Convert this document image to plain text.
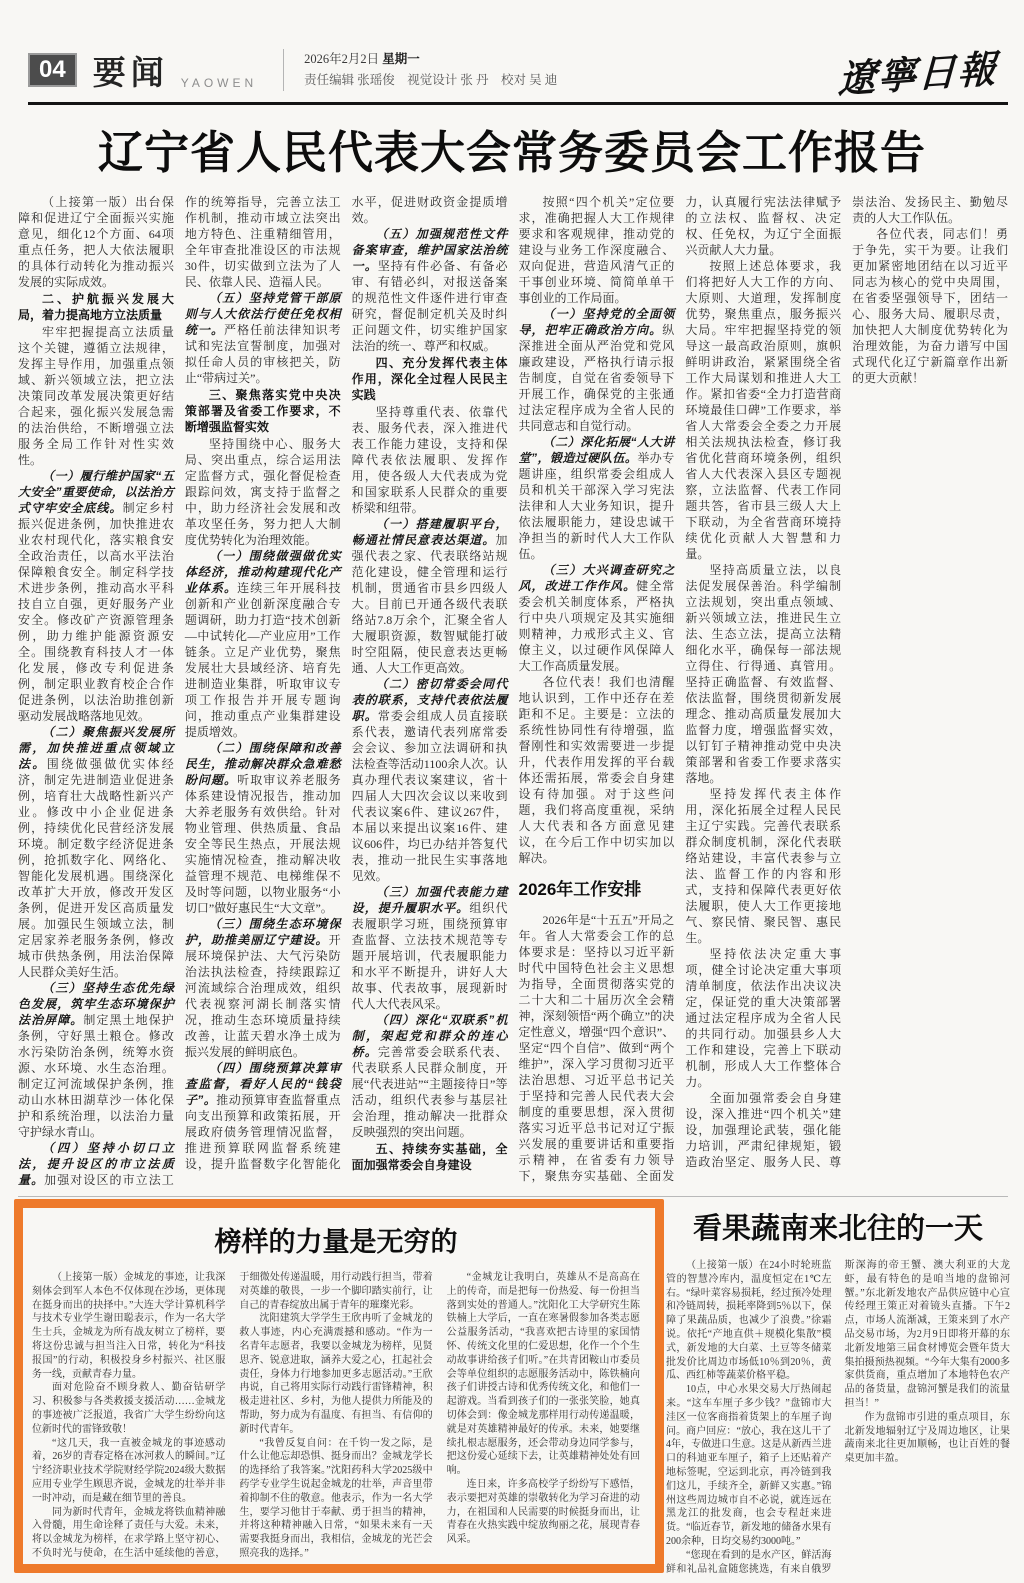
04 要闻 YAOWEN
2026年2月2日 星期一
责任编辑 张瑶俊　视觉设计 张 丹　校对 吴 迪	遼寧日報
辽宁省人民代表大会常务委员会工作报告

（上接第一版）出台保障和促进辽宁全面振兴实施意见，细化12个方面、64项重点任务，把人大依法履职的具体行动转化为推动振兴发展的实际成效。

二、护航振兴发展大局，着力提高地方立法质量

牢牢把握提高立法质量这个关键，遵循立法规律，发挥主导作用，加强重点领域、新兴领域立法，把立法决策同改革发展决策更好结合起来，强化振兴发展急需的法治供给，不断增强立法服务全局工作针对性实效性。

（一）履行维护国家“五大安全”重要使命，以法治方式守牢安全底线。制定乡村振兴促进条例，加快推进农业农村现代化，落实粮食安全政治责任，以高水平法治保障粮食安全。制定科学技术进步条例，推动高水平科技自立自强，更好服务产业安全。修改矿产资源管理条例，助力维护能源资源安全。围绕教育科技人才一体化发展，修改专利促进条例，制定职业教育校企合作促进条例，以法治助推创新驱动发展战略落地见效。

（二）聚焦振兴发展所需，加快推进重点领域立法。围绕做强做优实体经济，制定先进制造业促进条例，培育壮大战略性新兴产业。修改中小企业促进条例，持续优化民营经济发展环境。制定数字经济促进条例，抢抓数字化、网络化、智能化发展机遇。围绕深化改革扩大开放，修改开发区条例，促进开发区高质量发展。加强民生领域立法，制定居家养老服务条例，修改城市供热条例，用法治保障人民群众美好生活。

（三）坚持生态优先绿色发展，筑牢生态环境保护法治屏障。制定黑土地保护条例，守好黑土粮仓。修改水污染防治条例，统筹水资源、水环境、水生态治理。制定辽河流域保护条例，推动山水林田湖草沙一体化保护和系统治理，以法治力量守护绿水青山。

（四）坚持小切口立法，提升设区的市立法质量。加强对设区的市立法工作的统筹指导，完善立法工作机制，推动市域立法突出地方特色、注重精细管用，全年审查批准设区的市法规30件，切实做到立法为了人民、依靠人民、造福人民。

（五）坚持党管干部原则与人大依法行使任免权相统一。严格任前法律知识考试和宪法宣誓制度，加强对拟任命人员的审核把关，防止“带病过关”。

三、聚焦落实党中央决策部署及省委工作要求，不断增强监督实效

坚持围绕中心、服务大局、突出重点，综合运用法定监督方式，强化督促检查跟踪问效，寓支持于监督之中，助力经济社会发展和改革攻坚任务，努力把人大制度优势转化为治理效能。

（一）围绕做强做优实体经济，推动构建现代化产业体系。连续三年开展科技创新和产业创新深度融合专题调研，助力打造“技术创新—中试转化—产业应用”工作链条。立足产业优势，聚焦发展壮大县域经济、培育先进制造业集群，听取审议专项工作报告并开展专题询问，推动重点产业集群建设提质增效。

（二）围绕保障和改善民生，推动解决群众急难愁盼问题。听取审议养老服务体系建设情况报告，推动加大养老服务有效供给。针对物业管理、供热质量、食品安全等民生热点，开展法规实施情况检查，推动解决收益管理不规范、电梯维保不及时等问题，以物业服务“小切口”做好惠民生“大文章”。

（三）围绕生态环境保护，助推美丽辽宁建设。开展环境保护法、大气污染防治法执法检查，持续跟踪辽河流域综合治理成效，组织代表视察河湖长制落实情况，推动生态环境质量持续改善，让蓝天碧水净土成为振兴发展的鲜明底色。

（四）围绕预算决算审查监督，看好人民的“钱袋子”。推动预算审查监督重点向支出预算和政策拓展，开展政府债务管理情况监督，推进预算联网监督系统建设，提升监督数字化智能化水平，促进财政资金提质增效。

（五）加强规范性文件备案审查，维护国家法治统一。坚持有件必备、有备必审、有错必纠，对报送备案的规范性文件逐件进行审查研究，督促制定机关及时纠正问题文件，切实维护国家法治的统一、尊严和权威。

四、充分发挥代表主体作用，深化全过程人民民主实践

坚持尊重代表、依靠代表、服务代表，深入推进代表工作能力建设，支持和保障代表依法履职、发挥作用，使各级人大代表成为党和国家联系人民群众的重要桥梁和纽带。

（一）搭建履职平台，畅通社情民意表达渠道。加强代表之家、代表联络站规范化建设，健全管理和运行机制，贯通省市县乡四级人大。目前已开通各级代表联络站7.8万余个，汇聚全省人大履职资源，数智赋能打破时空阻隔，使民意表达更畅通、人大工作更高效。

（二）密切常委会同代表的联系，支持代表依法履职。常委会组成人员直接联系代表，邀请代表列席常委会会议、参加立法调研和执法检查等活动1100余人次。认真办理代表议案建议，省十四届人大四次会议以来收到代表议案6件、建议267件，本届以来提出议案16件、建议606件，均已办结并答复代表，推动一批民生实事落地见效。

（三）加强代表能力建设，提升履职水平。组织代表履职学习班，围绕预算审查监督、立法技术规范等专题开展培训，代表履职能力和水平不断提升，讲好人大故事、代表故事，展现新时代人大代表风采。

（四）深化“双联系”机制，架起党和群众的连心桥。完善常委会联系代表、代表联系人民群众制度，开展“代表进站”“主题接待日”等活动，组织代表参与基层社会治理，推动解决一批群众反映强烈的突出问题。

五、持续夯实基础，全面加强常委会自身建设

按照“四个机关”定位要求，准确把握人大工作规律要求和客观规律，推动党的建设与业务工作深度融合、双向促进，营造风清气正的干事创业环境、简简单单干事创业的工作局面。

（一）坚持党的全面领导，把牢正确政治方向。纵深推进全面从严治党和党风廉政建设，严格执行请示报告制度，自觉在省委领导下开展工作，确保党的主张通过法定程序成为全省人民的共同意志和自觉行动。

（二）深化拓展“人大讲堂”，锻造过硬队伍。举办专题讲座，组织常委会组成人员和机关干部深入学习宪法法律和人大业务知识，提升依法履职能力，建设忠诚干净担当的新时代人大工作队伍。

（三）大兴调查研究之风，改进工作作风。健全常委会机关制度体系，严格执行中央八项规定及其实施细则精神，力戒形式主义、官僚主义，以过硬作风保障人大工作高质量发展。

各位代表！我们也清醒地认识到，工作中还存在差距和不足。主要是：立法的系统性协同性有待增强，监督刚性和实效需要进一步提升，代表作用发挥的平台载体还需拓展，常委会自身建设有待加强。对于这些问题，我们将高度重视，采纳人大代表和各方面意见建议，在今后工作中切实加以解决。

2026年工作安排

2026年是“十五五”开局之年。省人大常委会工作的总体要求是：坚持以习近平新时代中国特色社会主义思想为指导，全面贯彻落实党的二十大和二十届历次全会精神，深刻领悟“两个确立”的决定性意义，增强“四个意识”、坚定“四个自信”、做到“两个维护”，深入学习贯彻习近平法治思想、习近平总书记关于坚持和完善人民代表大会制度的重要思想，深入贯彻落实习近平总书记对辽宁振兴发展的重要讲话和重要指示精神，在省委有力领导下，聚焦夯实基础、全面发力，认真履行宪法法律赋予的立法权、监督权、决定权、任免权，为辽宁全面振兴贡献人大力量。

按照上述总体要求，我们将把好人大工作的方向、大原则、大道理，发挥制度优势，聚焦重点，服务振兴大局。牢牢把握坚持党的领导这一最高政治原则，旗帜鲜明讲政治，紧紧围绕全省工作大局谋划和推进人大工作。紧扣省委“全力打造营商环境最佳口碑”工作要求，举省人大常委会全委之力开展相关法规执法检查，修订我省优化营商环境条例，组织省人大代表深入县区专题视察，立法监督、代表工作同题共答，省市县三级人大上下联动，为全省营商环境持续优化贡献人大智慧和力量。

坚持高质量立法，以良法促发展保善治。科学编制立法规划，突出重点领域、新兴领域立法，推进民生立法、生态立法，提高立法精细化水平，确保每一部法规立得住、行得通、真管用。坚持正确监督、有效监督、依法监督，围绕贯彻新发展理念、推动高质量发展加大监督力度，增强监督实效，以钉钉子精神推动党中央决策部署和省委工作要求落实落地。

坚持发挥代表主体作用，深化拓展全过程人民民主辽宁实践。完善代表联系群众制度机制，深化代表联络站建设，丰富代表参与立法、监督工作的内容和形式，支持和保障代表更好依法履职，使人大工作更接地气、察民情、聚民智、惠民生。

坚持依法决定重大事项，健全讨论决定重大事项清单制度，依法作出决议决定，保证党的重大决策部署通过法定程序成为全省人民的共同行动。加强县乡人大工作和建设，完善上下联动机制，形成人大工作整体合力。

全面加强常委会自身建设，深入推进“四个机关”建设，加强理论武装，强化能力培训，严肃纪律规矩，锻造政治坚定、服务人民、尊崇法治、发扬民主、勤勉尽责的人大工作队伍。

各位代表，同志们！勇于争先，实干为要。让我们更加紧密地团结在以习近平同志为核心的党中央周围，在省委坚强领导下，团结一心、服务大局、履职尽责，加快把人大制度优势转化为治理效能，为奋力谱写中国式现代化辽宁新篇章作出新的更大贡献！

榜样的力量是无穷的

（上接第一版）金城龙的事迹，让我深刻体会到军人本色不仅体现在沙场，更体现在挺身而出的抉择中。”大连大学计算机科学与技术专业学生谢田聪表示，作为一名大学生士兵，金城龙为所有战友树立了榜样，要将这份忠诚与担当注入日常，转化为“科技报国”的行动，积极投身乡村振兴、社区服务一线，贡献青春力量。

面对危险奋不顾身救人、勤奋钻研学习、积极参与各类救援支援活动……金城龙的事迹被广泛报道，我省广大学生纷纷向这位新时代的雷锋致敬！

“这几天，我一直被金城龙的事迹感动着，26岁的青春定格在冰河救人的瞬间。”辽宁经济职业技术学院财经学院2024级大数据应用专业学生顾思齐说，金城龙的壮举并非一时冲动，而是藏在细节里的善良。

同为新时代青年，金城龙将铁血精神融入骨髓，用生命诠释了责任与大爱。未来，将以金城龙为榜样，在求学路上坚守初心、不负时光与使命，在生活中延续他的善意，于细微处传递温暖，用行动践行担当，带着对英雄的敬畏，一步一个脚印踏实前行，让自己的青春绽放出属于青年的璀璨光彩。

沈阳建筑大学学生王欣冉听了金城龙的救人事迹，内心充满震撼和感动。“作为一名青年志愿者，我要以金城龙为榜样，见贤思齐、锐意进取，涵养大爱之心，扛起社会责任，身体力行地参加更多志愿活动。”王欣冉说，自己将用实际行动践行雷锋精神，积极走进社区、乡村，为他人提供力所能及的帮助，努力成为有温度、有担当、有信仰的新时代青年。

“我曾反复自问：在千钧一发之际，是什么让他忘却恐惧、挺身而出？金城龙学长的选择给了我答案。”沈阳药科大学2025级中药学专业学生说起金城龙的壮举，声音里带着抑制不住的敬意。他表示，作为一名大学生，要学习他甘于奉献、勇于担当的精神，并将这种精神融入日常，“如果未来有一天需要我挺身而出，我相信，金城龙的光芒会照亮我的选择。”

“金城龙让我明白，英雄从不是高高在上的传奇，而是把每一份热爱、每一份担当落到实处的普通人。”沈阳化工大学研究生陈铁楠上大学后，一直在寒暑假参加各类志愿公益服务活动，“我喜欢把古诗里的家国情怀、传统文化里的仁爱思想，化作一个个生动故事讲给孩子们听。”在共青团鞍山市委员会等单位组织的志愿服务活动中，陈铁楠向孩子们讲授古诗和优秀传统文化，和他们一起游戏。当看到孩子们的一张张笑脸，她真切体会到：像金城龙那样用行动传递温暖，就是对英雄精神最好的传承。未来，她要继续扎根志愿服务，还会带动身边同学参与，把这份爱心延续下去，让英雄精神处处有回响。

连日来，许多高校学子纷纷写下感悟，表示要把对英雄的崇敬转化为学习奋进的动力，在祖国和人民需要的时候挺身而出，让青春在火热实践中绽放绚丽之花，展现青春风采。

看果蔬南来北往的一天

（上接第一版）在24小时轮班监管的智慧冷库内，温度恒定在1℃左右。“绿叶菜容易损耗，经过预冷处理和冷链周转，损耗率降到5％以下，保障了果蔬品质，也减少了浪费。”徐霜说。依托“产地直供＋规模化集散”模式，新发地的大白菜、土豆等冬储菜批发价比周边市场低10％到20％，黄瓜、西红柿等蔬菜价格平稳。

10点，中心水果交易大厅热闹起来。“这车车厘子多少钱？”盘锦市大洼区一位客商指着货架上的车厘子询问。商户回应：“放心，我在这儿干了4年，专做进口生意。这是从新西兰进口的科迪亚车厘子，箱子上还贴着产地标签呢，空运到北京，再冷链到我们这儿，手续齐全，新鲜又实惠。”锦州这些周边城市自不必说，就连远在黑龙江的批发商，也会专程赶来进货。“临近春节，新发地的储备水果有200余种，日均交易约3000吨。”

“您现在看到的是水产区，鲜活海鲜和礼品礼盒随您挑选，有来自俄罗斯深海的帝王蟹、澳大利亚的大龙虾，最有特色的是咱当地的盘锦河蟹。”东北新发地农产品供应链中心宣传经理王策正对着镜头直播。下午2点，市场人流渐减，王策来到了水产品交易市场，为2月9日即将开幕的东北新发地第三届食材博览会暨年货大集拍摄预热视频。“今年大集有2000多家供货商，重点增加了本地特色农产品的备货量，盘锦河蟹是我们的流量担当！”

作为盘锦市引进的重点项目，东北新发地辐射辽宁及周边地区，让果蔬南来北往更加顺畅，也让百姓的餐桌更加丰盈。
